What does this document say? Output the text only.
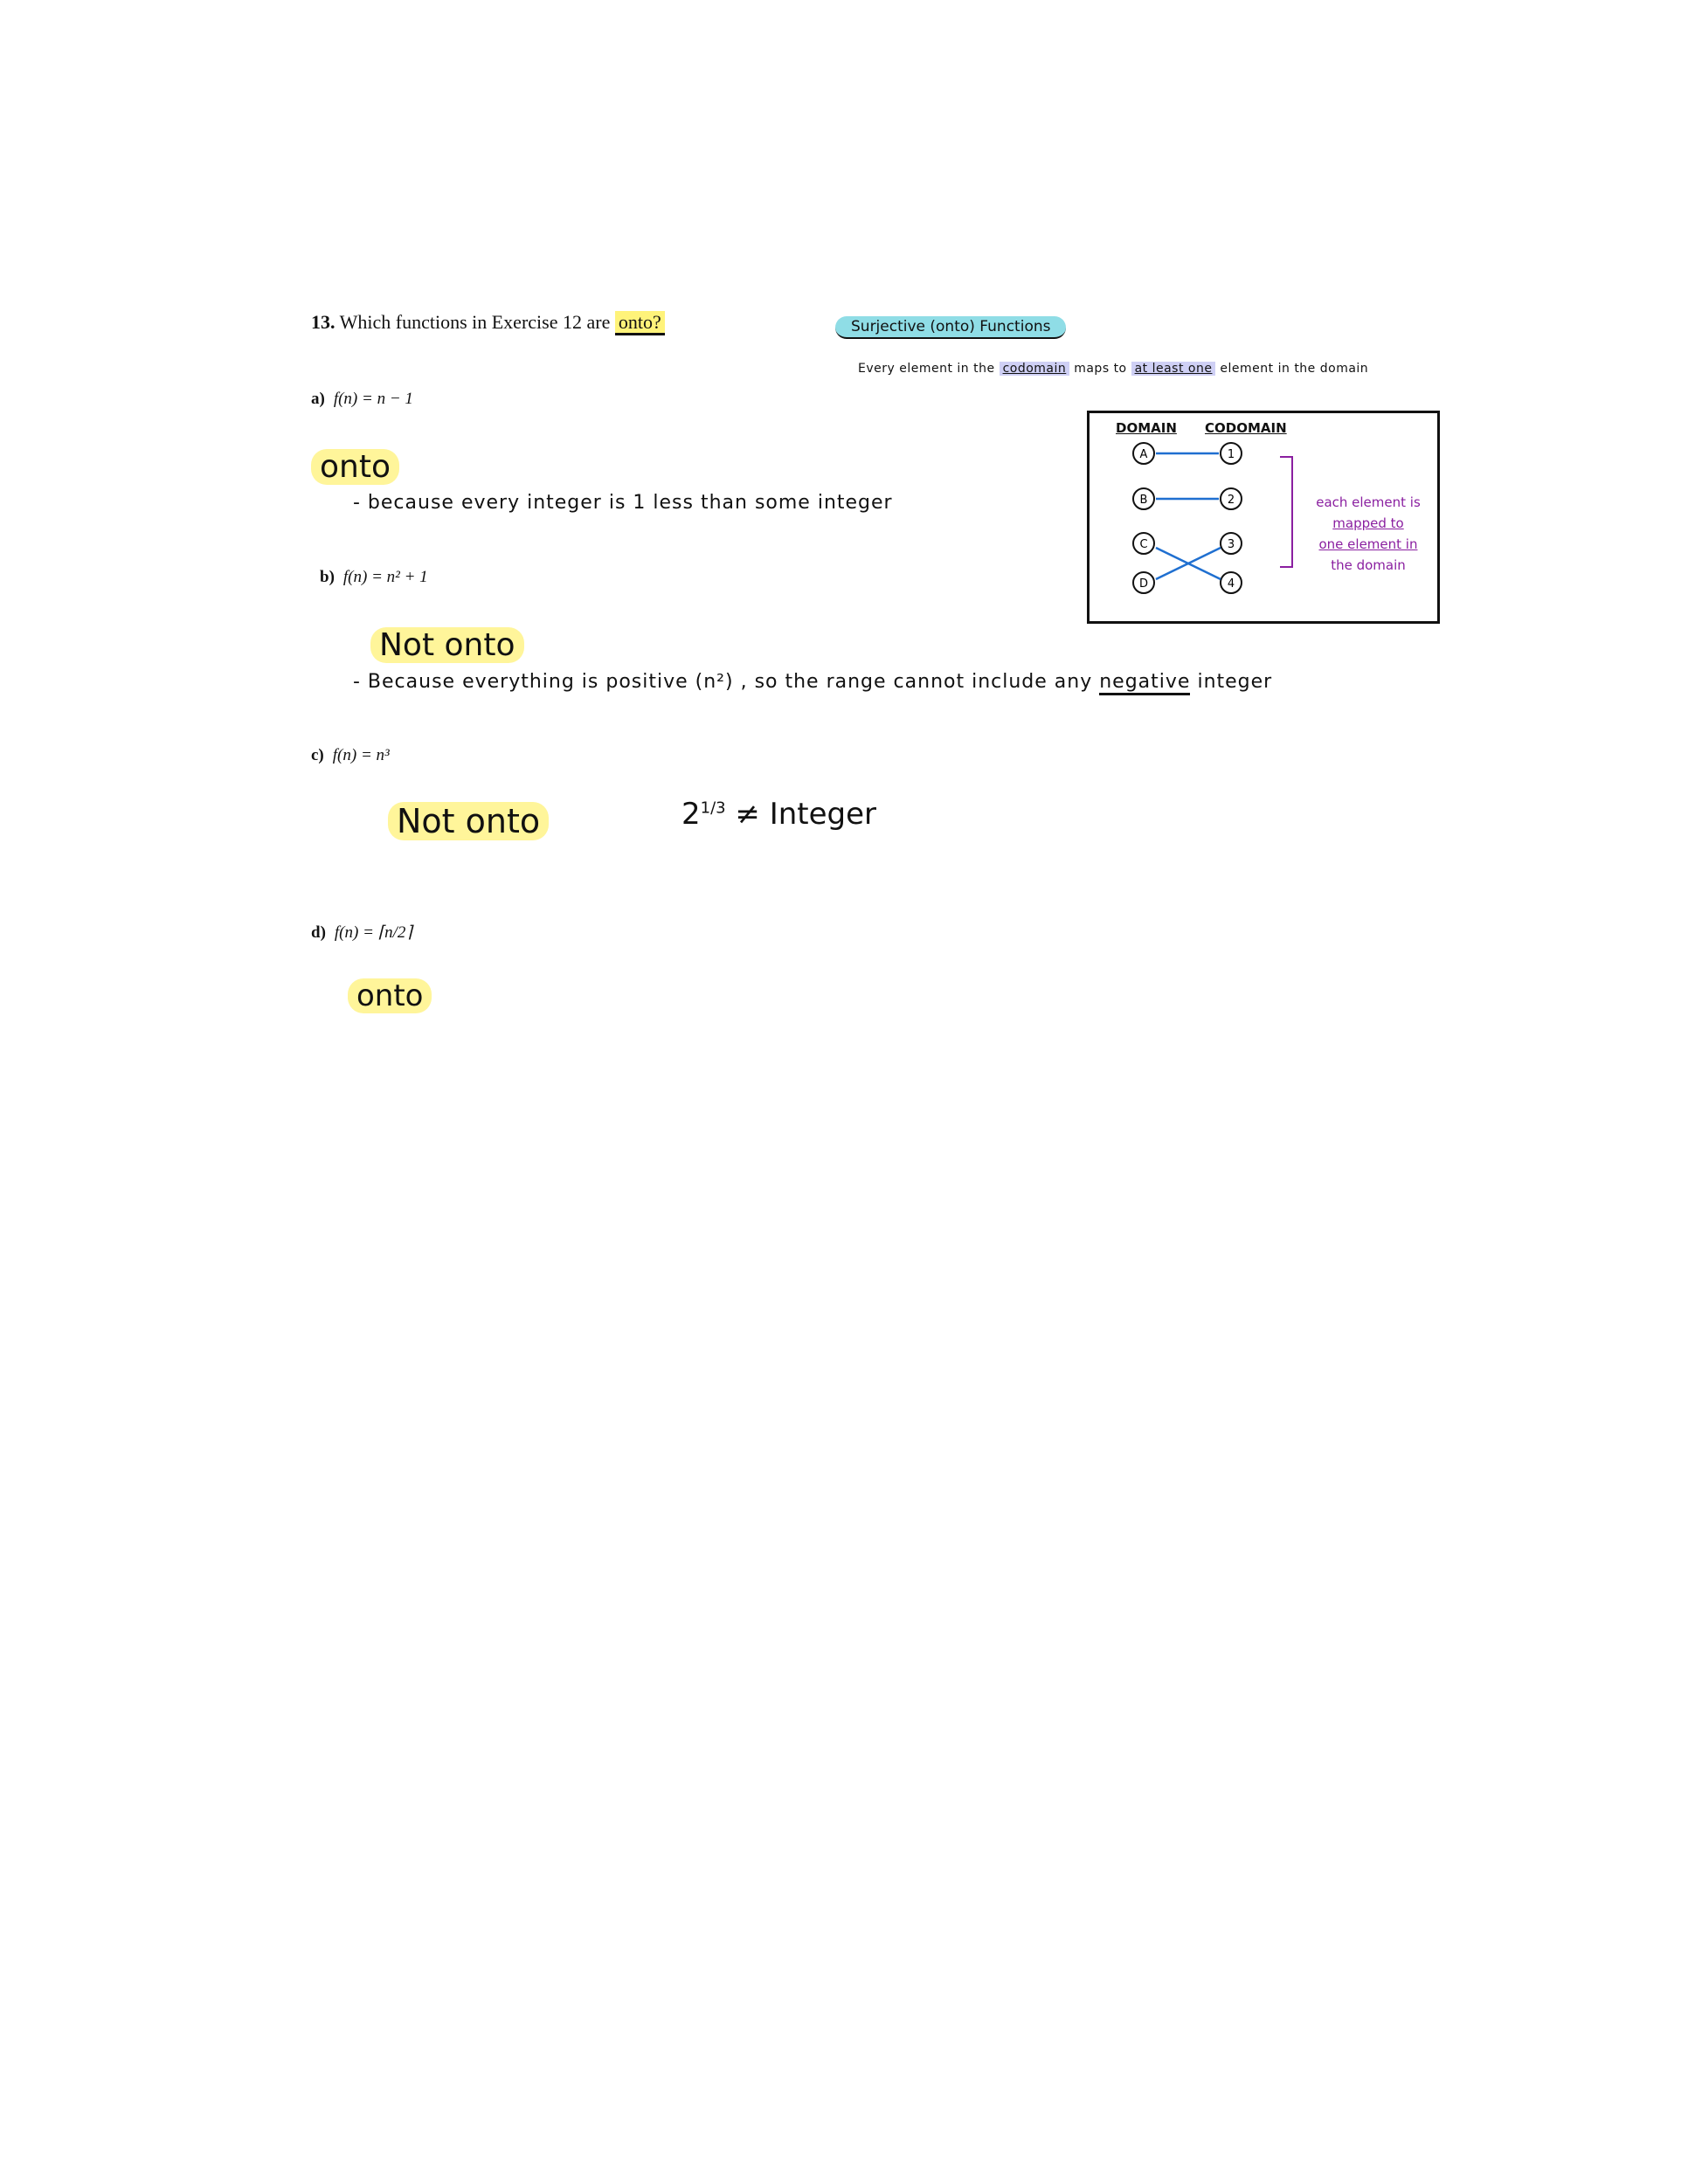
13. Which functions in Exercise 12 are onto?
a) f(n) = n − 1
onto
- because every integer is 1 less than some integer
b) f(n) = n² + 1
Not onto
- Because everything is positive (n²) , so the range cannot include any negative integer
c) f(n) = n³
Not onto	$2^{1/3}$ ≠ Integer
d) f(n) = ⌈n/2⌉
onto
Surjective (onto) Functions
Every element in the codomain maps to at least one element in the domain
DOMAIN CODOMAIN
A
B
C
D
1
2
3
4
each element is
mapped to
one element in
the domain
